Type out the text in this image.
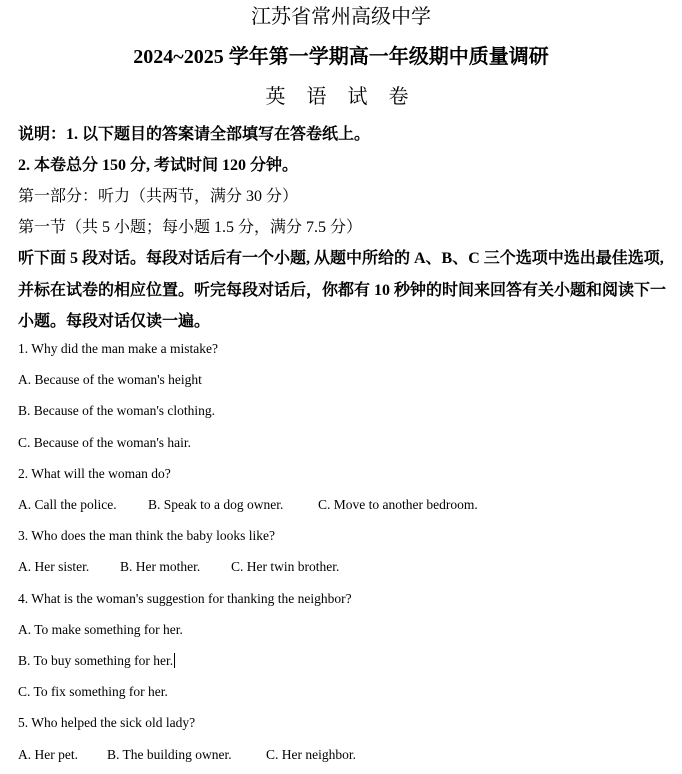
江苏省常州高级中学
2024~2025 学年第一学期高一年级期中质量调研
英 语 试 卷
说明：1. 以下题目的答案请全部填写在答卷纸上。
2. 本卷总分 150 分, 考试时间 120 分钟。
第一部分：听力（共两节，满分 30 分）
第一节（共 5 小题；每小题 1.5 分，满分 7.5 分）
听下面 5 段对话。每段对话后有一个小题, 从题中所给的 A、B、C 三个选项中选出最佳选项,
并标在试卷的相应位置。听完每段对话后，你都有 10 秒钟的时间来回答有关小题和阅读下一
小题。每段对话仅读一遍。
1. Why did the man make a mistake?
A. Because of the woman's height
B. Because of the woman's clothing.
C. Because of the woman's hair.
2. What will the woman do?
A. Call the police. B. Speak to a dog owner.	C. Move to another bedroom.
3. Who does the man think the baby looks like?
A. Her sister. B. Her mother. C. Her twin brother.
4. What is the woman's suggestion for thanking the neighbor?
A. To make something for her.
B. To buy something for her.
C. To fix something for her.
5. Who helped the sick old lady?
A. Her pet. B. The building owner.	C. Her neighbor.
